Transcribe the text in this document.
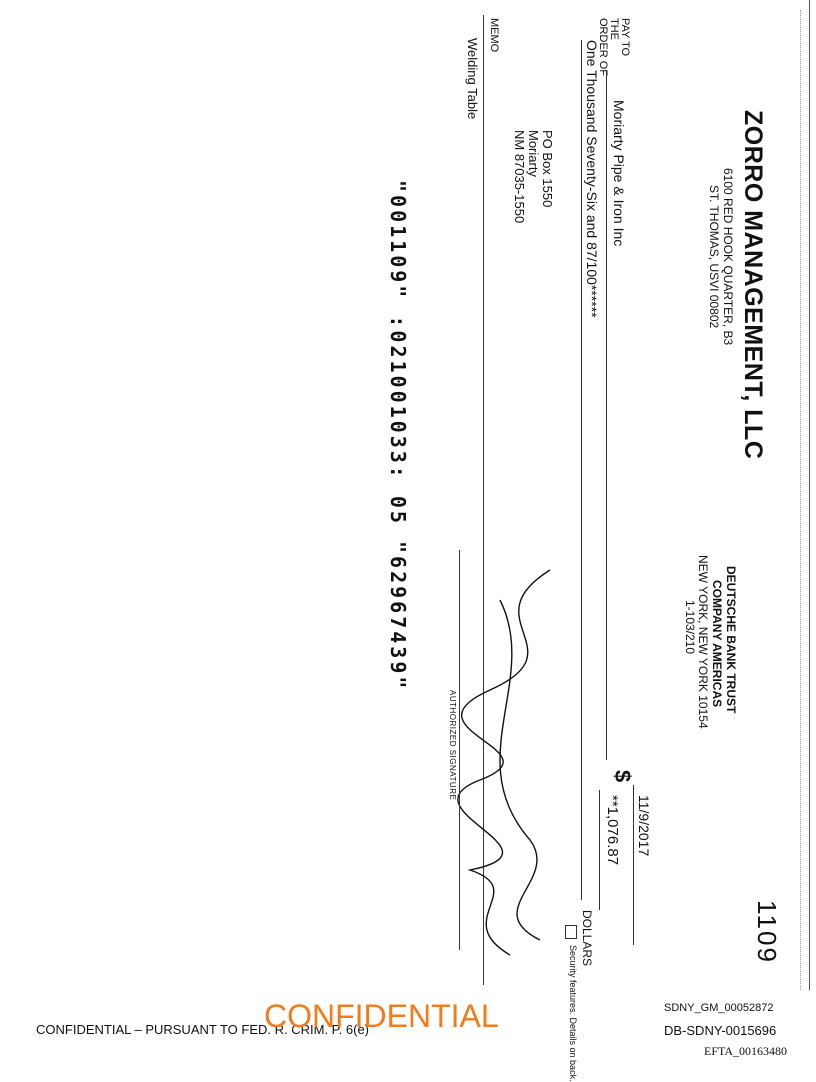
1109
ZORRO MANAGEMENT, LLC
6100 RED HOOK QUARTER, B3
ST. THOMAS, USVI 00802
DEUTSCHE BANK TRUST
COMPANY AMERICAS
NEW YORK, NEW YORK 10154
1-103/210
11/9/2017
PAY TO THE ORDER OF
Moriarty Pipe & Iron Inc
$
**1,076.87
One Thousand Seventy-Six and 87/100******
DOLLARS
PO Box 1550
Moriarty
NM 87035-1550
Security features. Details on back.
MEMO
Welding Table
AUTHORIZED SIGNATURE
"001109" :021001033: 05 "62967439"
CONFIDENTIAL – PURSUANT TO FED. R. CRIM. P. 6(e)
CONFIDENTIAL	SDNY_GM_00052872
DB-SDNY-0015696
EFTA_00163480
